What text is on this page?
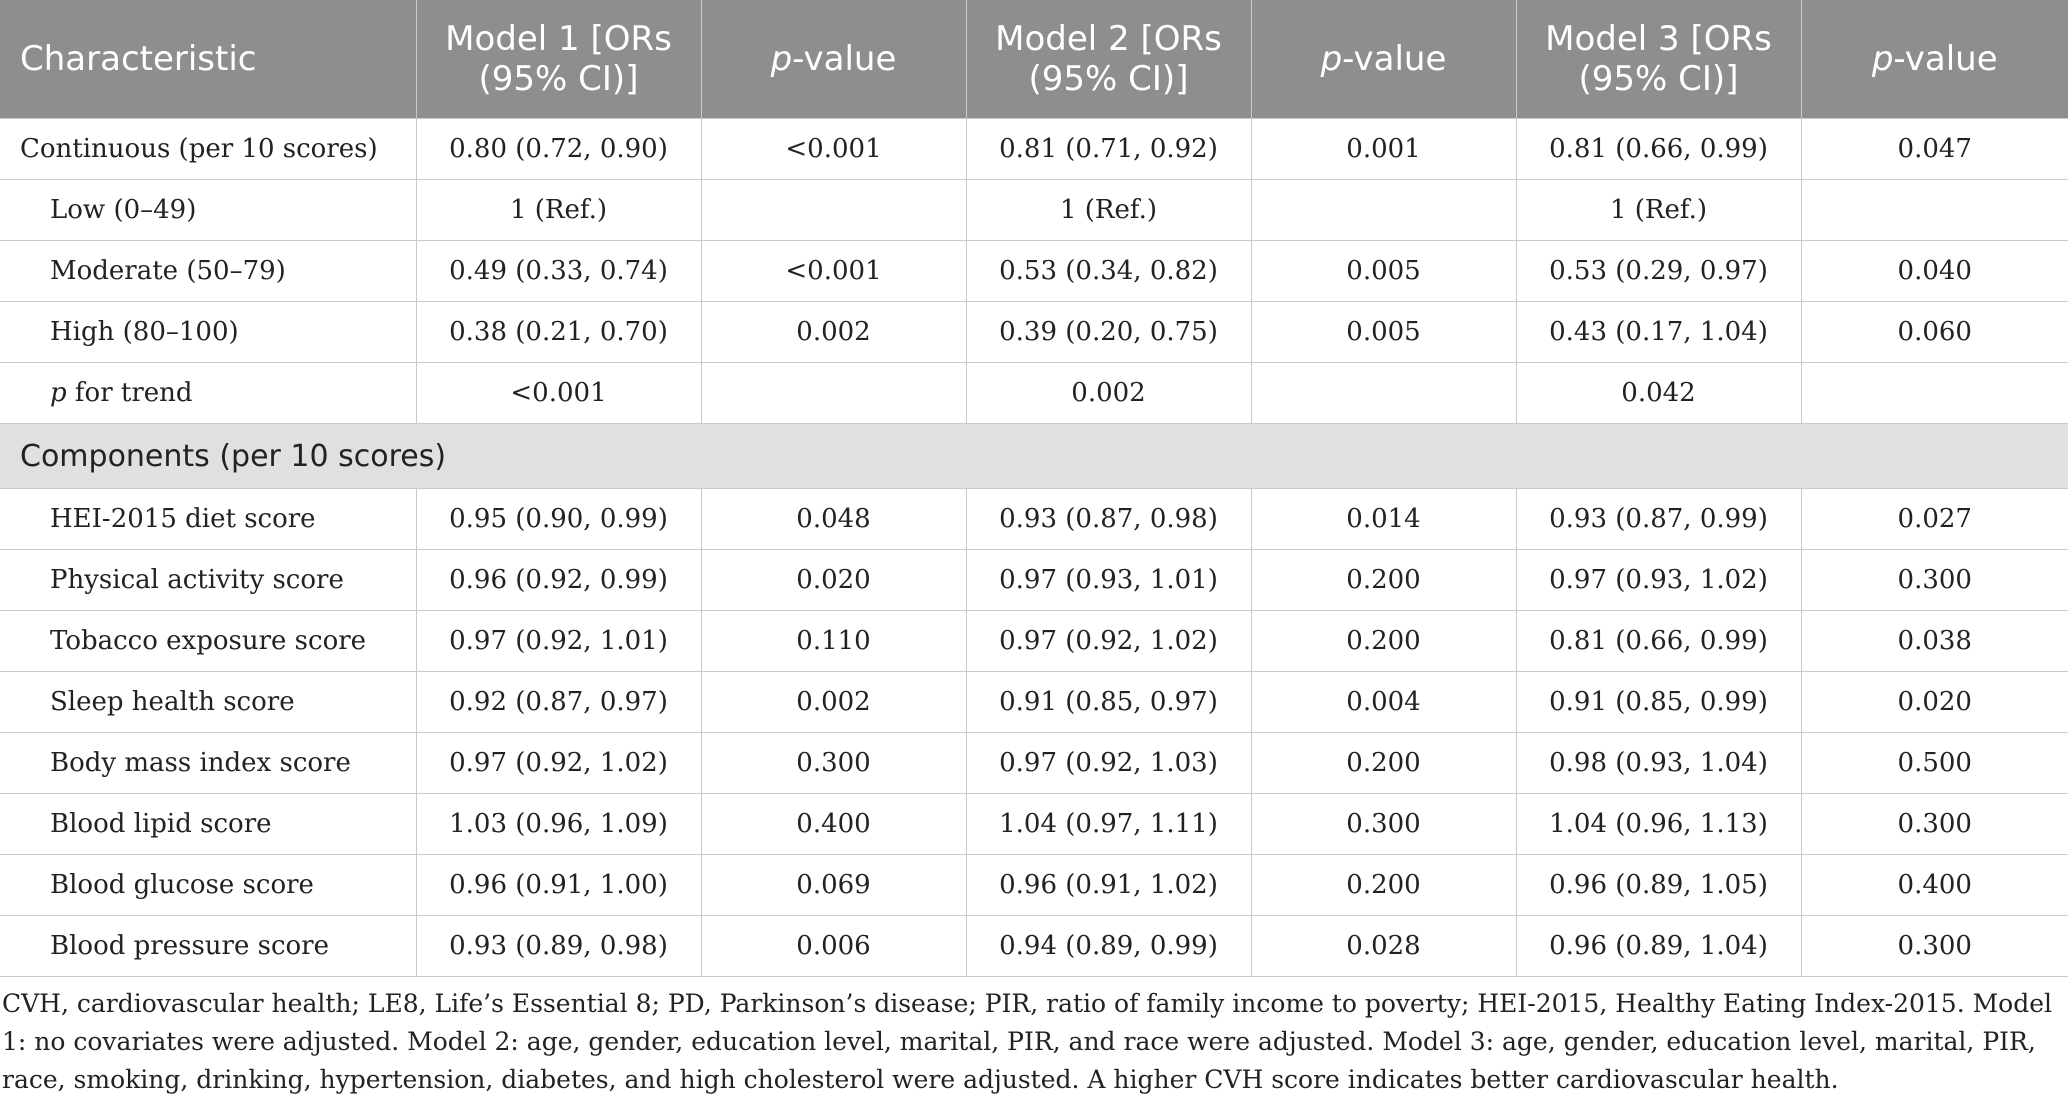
Characteristic	Model 1 [ORs (95% CI)]	p-value	Model 2 [ORs (95% CI)]	p-value	Model 3 [ORs (95% CI)]	p-value
Continuous (per 10 scores)	0.80 (0.72, 0.90)	<0.001	0.81 (0.71, 0.92)	0.001	0.81 (0.66, 0.99)	0.047
Low (0–49)	1 (Ref.)		1 (Ref.)		1 (Ref.)	
Moderate (50–79)	0.49 (0.33, 0.74)	<0.001	0.53 (0.34, 0.82)	0.005	0.53 (0.29, 0.97)	0.040
High (80–100)	0.38 (0.21, 0.70)	0.002	0.39 (0.20, 0.75)	0.005	0.43 (0.17, 1.04)	0.060
p for trend	<0.001		0.002		0.042	
Components (per 10 scores)						
HEI-2015 diet score	0.95 (0.90, 0.99)	0.048	0.93 (0.87, 0.98)	0.014	0.93 (0.87, 0.99)	0.027
Physical activity score	0.96 (0.92, 0.99)	0.020	0.97 (0.93, 1.01)	0.200	0.97 (0.93, 1.02)	0.300
Tobacco exposure score	0.97 (0.92, 1.01)	0.110	0.97 (0.92, 1.02)	0.200	0.81 (0.66, 0.99)	0.038
Sleep health score	0.92 (0.87, 0.97)	0.002	0.91 (0.85, 0.97)	0.004	0.91 (0.85, 0.99)	0.020
Body mass index score	0.97 (0.92, 1.02)	0.300	0.97 (0.92, 1.03)	0.200	0.98 (0.93, 1.04)	0.500
Blood lipid score	1.03 (0.96, 1.09)	0.400	1.04 (0.97, 1.11)	0.300	1.04 (0.96, 1.13)	0.300
Blood glucose score	0.96 (0.91, 1.00)	0.069	0.96 (0.91, 1.02)	0.200	0.96 (0.89, 1.05)	0.400
Blood pressure score	0.93 (0.89, 0.98)	0.006	0.94 (0.89, 0.99)	0.028	0.96 (0.89, 1.04)	0.300
CVH, cardiovascular health; LE8, Life’s Essential 8; PD, Parkinson’s disease; PIR, ratio of family income to poverty; HEI-2015, Healthy Eating Index-2015. Model 1: no covariates were adjusted. Model 2: age, gender, education level, marital, PIR, and race were adjusted. Model 3: age, gender, education level, marital, PIR, race, smoking, drinking, hypertension, diabetes, and high cholesterol were adjusted. A higher CVH score indicates better cardiovascular health.
